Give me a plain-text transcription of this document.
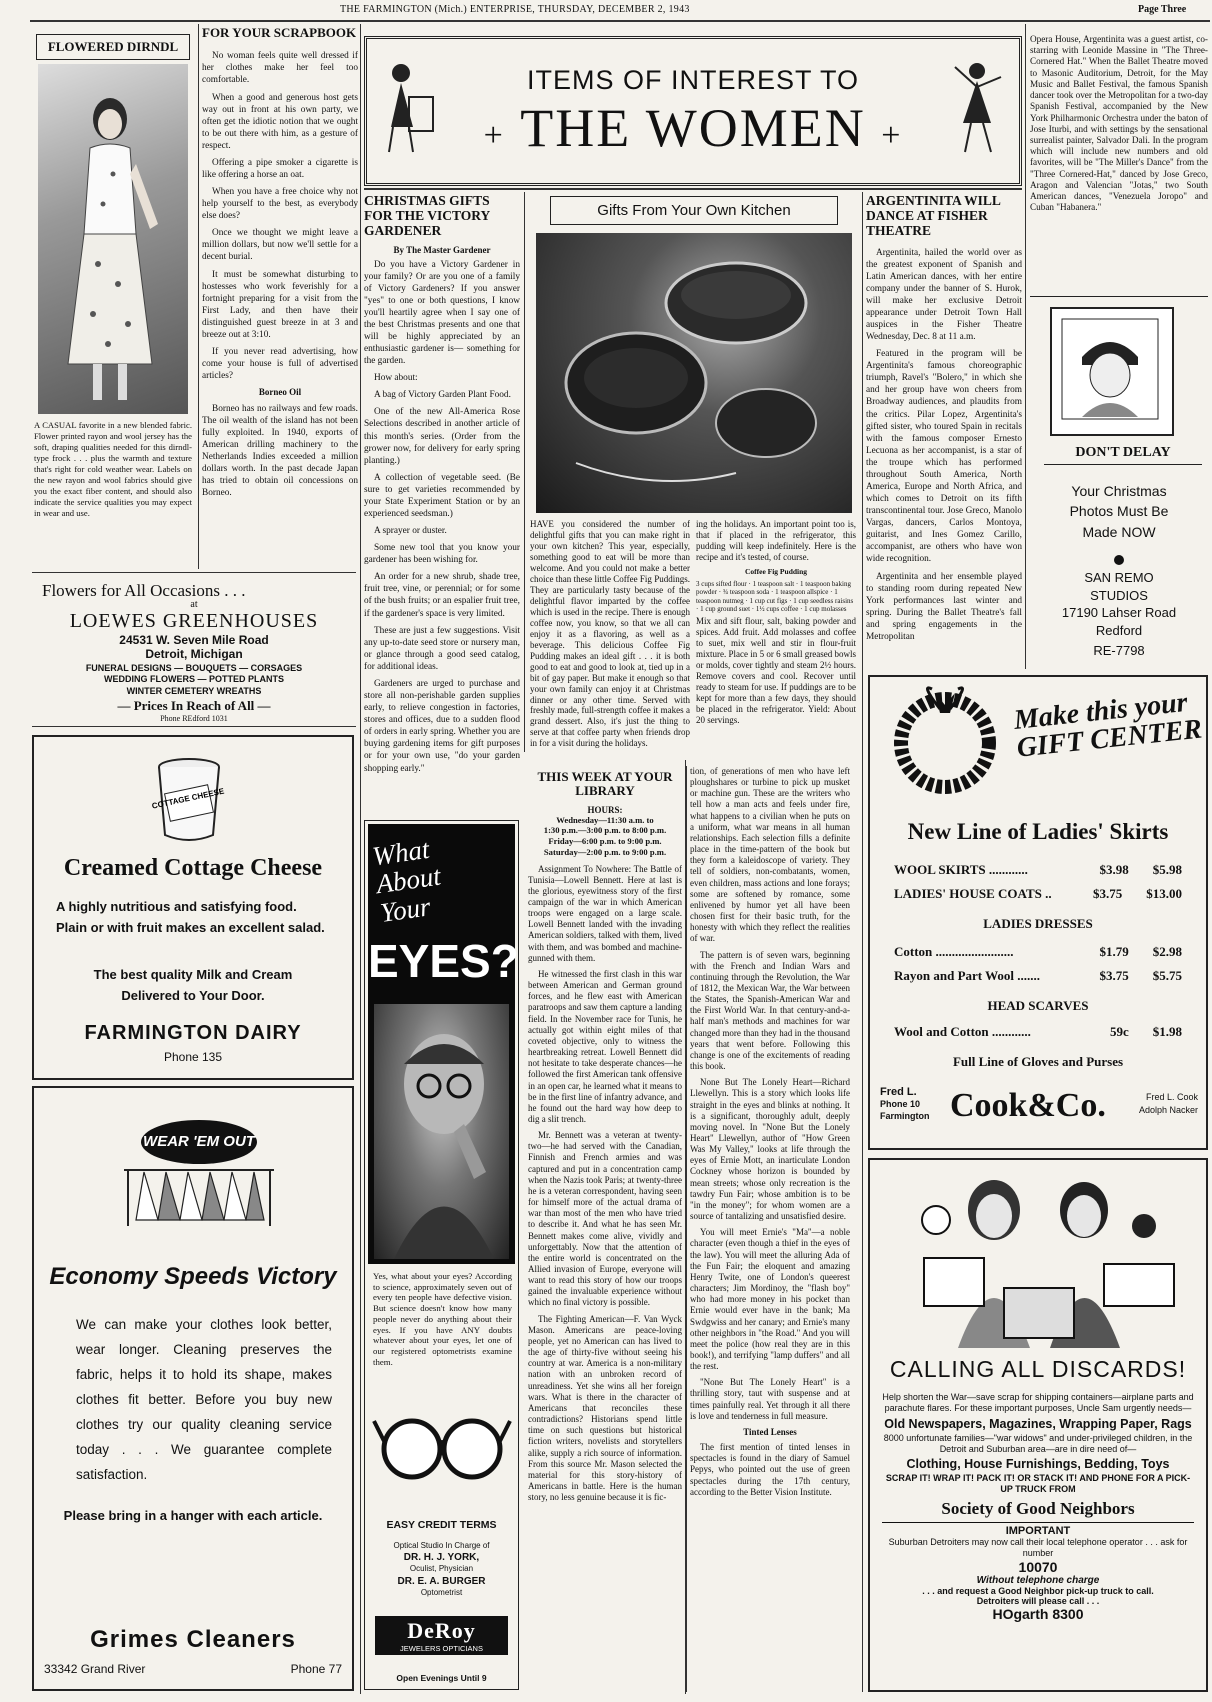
THE FARMINGTON (Mich.) ENTERPRISE, THURSDAY, DECEMBER 2, 1943	Page Three
FLOWERED DIRNDL
A CASUAL favorite in a new blended fabric. Flower printed rayon and wool jersey has the soft, draping qualities needed for this dirndl-type frock . . . plus the warmth and texture that's right for cold weather wear. Labels on the new rayon and wool fabrics should give you the exact fiber content, and should also indicate the service qualities you may expect in wear and use.
FOR YOUR SCRAPBOOK

No woman feels quite well dressed if her clothes make her feel too comfortable.

When a good and generous host gets way out in front at his own party, we often get the idiotic notion that we ought to be out there with him, as a gesture of respect.

Offering a pipe smoker a cigarette is like offering a horse an oat.

When you have a free choice why not help yourself to the best, as everybody else does?

Once we thought we might leave a million dollars, but now we'll settle for a decent burial.

It must be somewhat disturbing to hostesses who work feverishly for a fortnight preparing for a visit from the First Lady, and then have their distinguished guest breeze in at 3 and breeze out at 3:10.

If you never read advertising, how come your house is full of advertised articles?

Borneo Oil

Borneo has no railways and few roads. The oil wealth of the island has not been fully exploited. In 1940, exports of American drilling machinery to the Netherlands Indies exceeded a million dollars worth. In the past decade Japan has tried to obtain oil concessions on Borneo.

Flowers for All Occasions . . .
at
LOEWES GREENHOUSES
24531 W. Seven Mile Road
Detroit, Michigan
FUNERAL DESIGNS — BOUQUETS — CORSAGES
WEDDING FLOWERS — POTTED PLANTS
WINTER CEMETERY WREATHS
— Prices In Reach of All —
Phone REdford 1031
COTTAGE CHEESE
Creamed Cottage Cheese
A highly nutritious and satisfying food.
Plain or with fruit makes an excellent salad.
The best quality Milk and Cream
Delivered to Your Door.
FARMINGTON DAIRY
Phone 135
WEAR 'EM OUT
Economy Speeds Victory
We can make your clothes look better, wear longer. Cleaning preserves the fabric, helps it to hold its shape, makes clothes fit better. Before you buy new clothes try our quality cleaning service today . . . We guarantee complete satisfaction.
Please bring in a hanger with each article.
Grimes Cleaners
33342 Grand River	Phone 77
ITEMS OF INTEREST TO
+ THE WOMEN +
CHRISTMAS GIFTS FOR THE VICTORY GARDENER
By The Master Gardener

Do you have a Victory Gardener in your family? Or are you one of a family of Victory Gardeners? If you answer "yes" to one or both questions, I know you'll heartily agree when I say one of the best Christmas presents and one that will be highly appreciated by an enthusiastic gardener is— something for the garden.

How about:

A bag of Victory Garden Plant Food.

One of the new All-America Rose Selections described in another article of this month's series. (Order from the grower now, for delivery for early spring planting.)

A collection of vegetable seed. (Be sure to get varieties recommended by your State Experiment Station or by an experienced seedsman.)

A sprayer or duster.

Some new tool that you know your gardener has been wishing for.

An order for a new shrub, shade tree, fruit tree, vine, or perennial; or for some of the bush fruits; or an espalier fruit tree, if the gardener's space is very limited.

These are just a few suggestions. Visit any up-to-date seed store or nursery man, or glance through a good seed catalog, for additional ideas.

Gardeners are urged to purchase and store all non-perishable garden supplies early, to relieve congestion in factories, stores and offices, due to a sudden flood of orders in early spring. Whether you are buying gardening items for gift purposes or for your own use, "do your garden shopping early."

Gifts From Your Own Kitchen
HAVE you considered the number of delightful gifts that you can make right in your own kitchen? This year, especially, something good to eat will be more than welcome. And you could not make a better choice than these little Coffee Fig Puddings. They are particularly tasty because of the delightful flavor imparted by the coffee which is used in the recipe. There is enough coffee now, you know, so that we all can enjoy it as a flavoring, as well as a beverage. This delicious Coffee Fig Pudding makes an ideal gift . . . it is both good to eat and good to look at, tied up in a bit of gay paper. But make it enough so that your own family can enjoy it at Christmas dinner or any other time. Served with freshly made, full-strength coffee it makes a grand dessert. Also, it's just the thing to serve at that coffee party when friends drop in for a visit during the holidays.
ing the holidays. An important point too is, that if placed in the refrigerator, this pudding will keep indefinitely. Here is the recipe and it's tested, of course.
Coffee Fig Pudding
3 cups sifted flour · 1 teaspoon salt · 1 teaspoon baking powder · ¾ teaspoon soda · 1 teaspoon allspice · 1 teaspoon nutmeg · 1 cup cut figs · 1 cup seedless raisins · 1 cup ground suet · 1½ cups coffee · 1 cup molasses
Mix and sift flour, salt, baking powder and spices. Add fruit. Add molasses and coffee to suet, mix well and stir in flour-fruit mixture. Place in 5 or 6 small greased bowls or molds, cover tightly and steam 2½ hours. Remove covers and cool. Recover until ready to steam for use. If puddings are to be kept for more than a few days, they should be placed in the refrigerator. Yield: About 20 servings.
ARGENTINITA WILL DANCE AT FISHER THEATRE

Argentinita, hailed the world over as the greatest exponent of Spanish and Latin American dances, with her entire company under the banner of S. Hurok, will make her exclusive Detroit appearance under Detroit Town Hall auspices in the Fisher Theatre Wednesday, Dec. 8 at 11 a.m.

Featured in the program will be Argentinita's famous choreographic triumph, Ravel's "Bolero," in which she and her group have won cheers from Broadway audiences, and plaudits from the critics. Pilar Lopez, Argentinita's gifted sister, who toured Spain in recitals with the famous composer Ernesto Lecuona as her accompanist, is a star of the troupe which has performed throughout South America, North America, Europe and North Africa, and which comes to Detroit on its fifth transcontinental tour. Jose Greco, Manolo Vargas, dancers, Carlos Montoya, guitarist, and Ines Gomez Carillo, accompanist, are others who have won wide recognition.

Argentinita and her ensemble played to standing room during repeated New York performances last winter and spring. During the Ballet Theatre's fall and spring engagements in the Metropolitan

Opera House, Argentinita was a guest artist, co-starring with Leonide Massine in "The Three-Cornered Hat." When the Ballet Theatre moved to Masonic Auditorium, Detroit, for the May Music and Ballet Festival, the famous Spanish dancer took over the Metropolitan for a two-day Spanish Festival, accompanied by the New York Philharmonic Orchestra under the baton of Jose Iturbi, and with settings by the sensational surrealist painter, Salvador Dali. In the program which will include new numbers and old favorites, will be "The Miller's Dance" from the "Three Cornered-Hat," danced by Jose Greco, Aragon and Valencian "Jotas," two South American dances, "Venezuela Joropo" and Cuban "Habanera."
DON'T DELAY
Your Christmas
Photos Must Be
Made NOW
SAN REMO
STUDIOS
17190 Lahser Road
Redford
RE-7798
What About Your
EYES?
Yes, what about your eyes? According to science, approximately seven out of every ten people have defective vision. But science doesn't know how many people never do anything about their eyes. If you have ANY doubts whatever about your eyes, let one of our registered optometrists examine them.
EASY CREDIT TERMS
Optical Studio In Charge of
DR. H. J. YORK,
Oculist, Physician
DR. E. A. BURGER
Optometrist
DeRoy
JEWELERS OPTICIANS
Open Evenings Until 9
THIS WEEK AT YOUR LIBRARY
HOURS:
Wednesday—11:30 a.m. to
1:30 p.m.—3:00 p.m. to 8:00 p.m.
Friday—6:00 p.m. to 9:00 p.m.
Saturday—2:00 p.m. to 9:00 p.m.

Assignment To Nowhere: The Battle of Tunisia—Lowell Bennett. Here at last is the glorious, eyewitness story of the first campaign of the war in which American troops were engaged on a large scale. Lowell Bennett landed with the invading American soldiers, talked with them, lived with them, and was bombed and machine-gunned with them.

He witnessed the first clash in this war between American and German ground forces, and he flew east with American paratroops and saw them capture a landing field. In the November race for Tunis, he actually got within eight miles of that coveted objective, only to witness the heartbreaking retreat. Lowell Bennett did not hesitate to take desperate chances—he followed the first American tank offensive in an open car, he learned what it means to be in the first line of infantry advance, and he found out the hard way how deep to dig a slit trench.

Mr. Bennett was a veteran at twenty-two—he had served with the Canadian, Finnish and French armies and was captured and put in a concentration camp when the Nazis took Paris; at twenty-three he is a veteran correspondent, having seen for himself more of the actual drama of war than most of the men who have tried to describe it. And what he has seen Mr. Bennett makes come alive, vividly and unforgettably. Now that the attention of the entire world is concentrated on the Allied invasion of Europe, everyone will want to read this story of how our troops gained the invaluable experience without which no final victory is possible.

The Fighting American—F. Van Wyck Mason. Americans are peace-loving people, yet no American can has lived to the age of thirty-five without seeing his country at war. America is a non-military nation with an unbroken record of unreadiness. Yet she wins all her foreign wars. What is there in the character of Americans that reconciles these contradictions? Historians spend little time on such questions but historical fiction writers, novelists and storytellers alike, supply a rich source of information. From this source Mr. Mason selected the material for this story-history of Americans in battle. Here is the human story, no less genuine because it is fic-

tion, of generations of men who have left ploughshares or turbine to pick up musket or machine gun. These are the writers who tell how a man acts and feels under fire, what happens to a civilian when he puts on a uniform, what war means in all human relationships. Each selection fills a definite place in the time-pattern of the book but they form a kaleidoscope of variety. They tell of soldiers, non-combatants, women, even children, mass actions and lone forays; some are softened by romance, some enlivened by humor yet all have been chosen first for their basic truth, for the honesty with which they reflect the realities of war.

The pattern is of seven wars, beginning with the French and Indian Wars and continuing through the Revolution, the War of 1812, the Mexican War, the War between the States, the Spanish-American War and the First World War. In that century-and-a-half man's methods and machines for war changed more than they had in the thousand years that went before. Following this change is one of the excitements of reading this book.

None But The Lonely Heart—Richard Llewellyn. This is a story which looks life straight in the eyes and blinks at nothing. It is a significant, thoroughly adult, deeply moving novel. In "None But the Lonely Heart" Llewellyn, author of "How Green Was My Valley," looks at life through the eyes of Ernie Mott, an inarticulate London Cockney whose horizon is bounded by mean streets; whose only recreation is the tawdry Fun Fair; whose ambition is to be "in the money"; for whom women are a source of tantalizing and unsatisfied desire.

You will meet Ernie's "Ma"—a noble character (even though a thief in the eyes of the law). You will meet the alluring Ada of the Fun Fair; the eloquent and amazing Henry Twite, one of London's queerest characters; Jim Mordinoy, the "flash boy" who had more money in his pocket than Ernie would ever have in the bank; Ma Swdgwiss and her canary; and Ernie's many other neighbors in "the Road." And you will meet the police (how real they are in this book!), and terrifying "lamp duffers" and all the rest.

"None But The Lonely Heart" is a thrilling story, taut with suspense and at times painfully real. Yet through it all there is love and tenderness in full measure.

Tinted Lenses

The first mention of tinted lenses in spectacles is found in the diary of Samuel Pepys, who pointed out the use of green spectacles during the 17th century, according to the Better Vision Institute.

Make this your GIFT CENTER
New Line of Ladies' Skirts
WOOL SKIRTS ............	$3.98 $5.98
LADIES' HOUSE COATS ..	$3.75 $13.00
LADIES DRESSES
Cotton ........................	$1.79 $2.98
Rayon and Part Wool .......	$3.75 $5.75
HEAD SCARVES
Wool and Cotton ............	59c $1.98
Full Line of Gloves and Purses
Fred L.
Phone 10
Farmington Cook&Co.	Fred L. Cook
Adolph Nacker
CALLING ALL DISCARDS!
Help shorten the War—save scrap for shipping containers—airplane parts and parachute flares. For these important purposes, Uncle Sam urgently needs—
Old Newspapers, Magazines, Wrapping Paper, Rags
8000 unfortunate families—"war widows" and under-privileged children, in the Detroit and Suburban area—are in dire need of—
Clothing, House Furnishings, Bedding, Toys
SCRAP IT! WRAP IT! PACK IT! OR STACK IT! AND PHONE FOR A PICK-UP TRUCK FROM
Society of Good Neighbors
IMPORTANT
Suburban Detroiters may now call their local telephone operator . . . ask for number
10070
Without telephone charge
. . . and request a Good Neighbor pick-up truck to call.
Detroiters will please call . . .
HOgarth 8300
